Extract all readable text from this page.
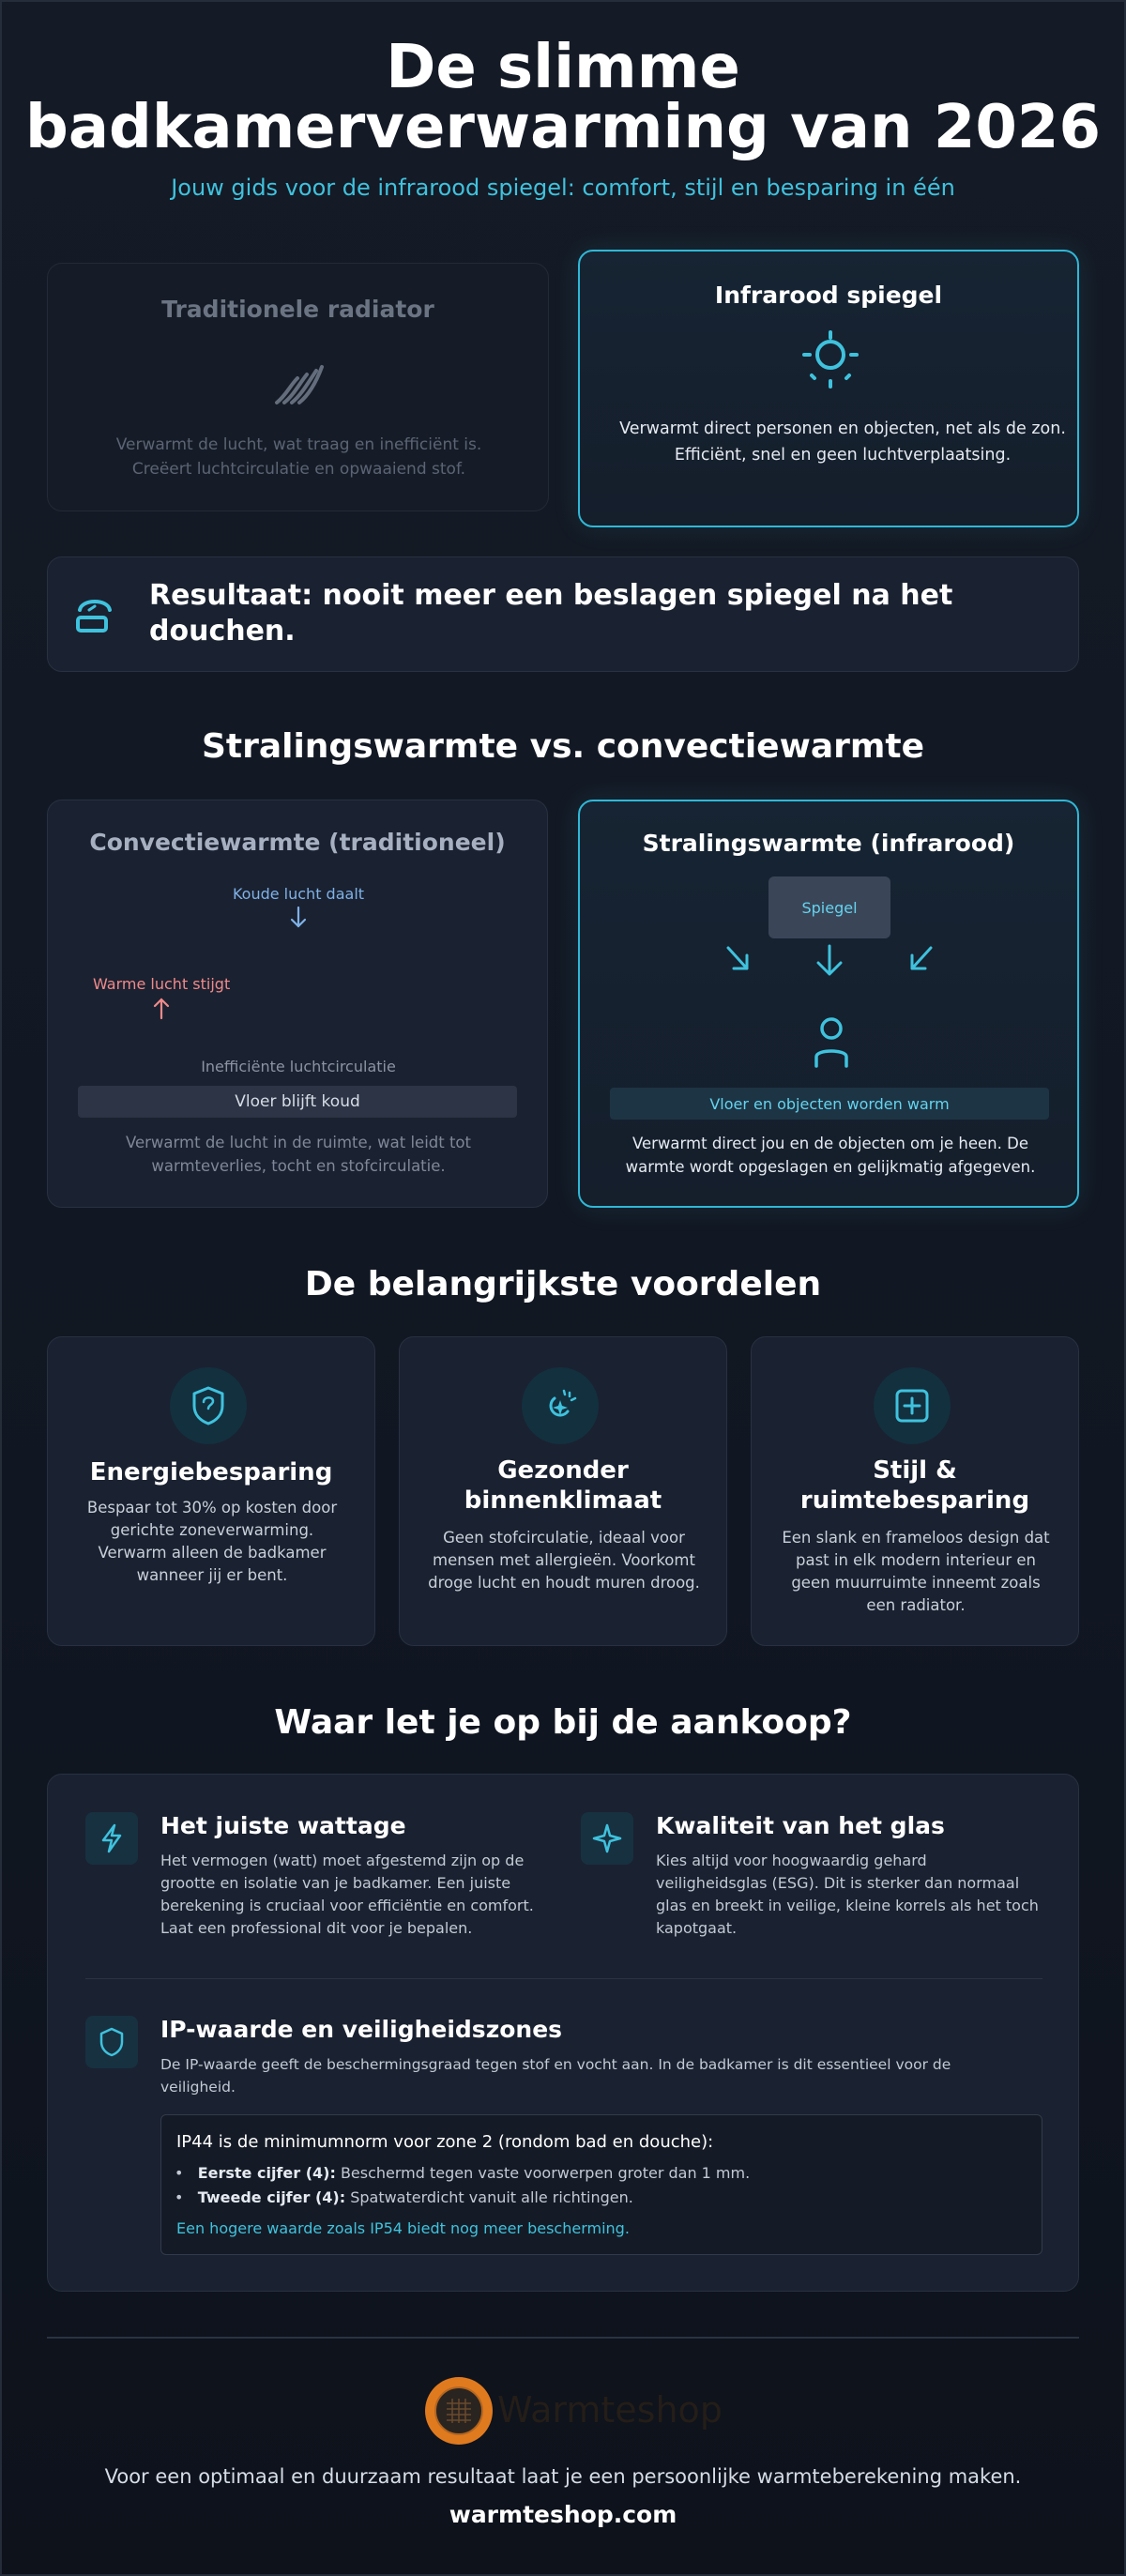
De slimme
badkamerverwarming van 2026
Jouw gids voor de infrarood spiegel: comfort, stijl en besparing in één
Traditionele radiator
Verwarmt de lucht, wat traag en inefficiënt is.
Creëert luchtcirculatie en opwaaiend stof.
Infrarood spiegel
Verwarmt direct personen en objecten, net als de zon.
Efficiënt, snel en geen luchtverplaatsing.
Resultaat: nooit meer een beslagen spiegel na het douchen.
Stralingswarmte vs. convectiewarmte
Convectiewarmte (traditioneel)
Koude lucht daalt
Warme lucht stijgt
Inefficiënte luchtcirculatie
Vloer blijft koud
Verwarmt de lucht in de ruimte, wat leidt tot
warmteverlies, tocht en stofcirculatie.
Stralingswarmte (infrarood)
Spiegel
Vloer en objecten worden warm
Verwarmt direct jou en de objecten om je heen. De
warmte wordt opgeslagen en gelijkmatig afgegeven.
De belangrijkste voordelen
Energiebesparing
Bespaar tot 30% op kosten door
gerichte zoneverwarming.
Verwarm alleen de badkamer
wanneer jij er bent.
Gezonder
binnenklimaat
Geen stofcirculatie, ideaal voor
mensen met allergieën. Voorkomt
droge lucht en houdt muren droog.
Stijl &
ruimtebesparing
Een slank en frameloos design dat
past in elk modern interieur en
geen muurruimte inneemt zoals
een radiator.
Waar let je op bij de aankoop?
Het juiste wattage
Het vermogen (watt) moet afgestemd zijn op de
grootte en isolatie van je badkamer. Een juiste
berekening is cruciaal voor efficiëntie en comfort.
Laat een professional dit voor je bepalen.
Kwaliteit van het glas
Kies altijd voor hoogwaardig gehard
veiligheidsglas (ESG). Dit is sterker dan normaal
glas en breekt in veilige, kleine korrels als het toch
kapotgaat.
IP-waarde en veiligheidszones
De IP-waarde geeft de beschermingsgraad tegen stof en vocht aan. In de badkamer is dit essentieel voor de
veiligheid.
IP44 is de minimumnorm voor zone 2 (rondom bad en douche):
•   Eerste cijfer (4): Beschermd tegen vaste voorwerpen groter dan 1 mm.
•   Tweede cijfer (4): Spatwaterdicht vanuit alle richtingen.
Een hogere waarde zoals IP54 biedt nog meer bescherming.
Warmteshop
Voor een optimaal en duurzaam resultaat laat je een persoonlijke warmteberekening maken.
warmteshop.com
